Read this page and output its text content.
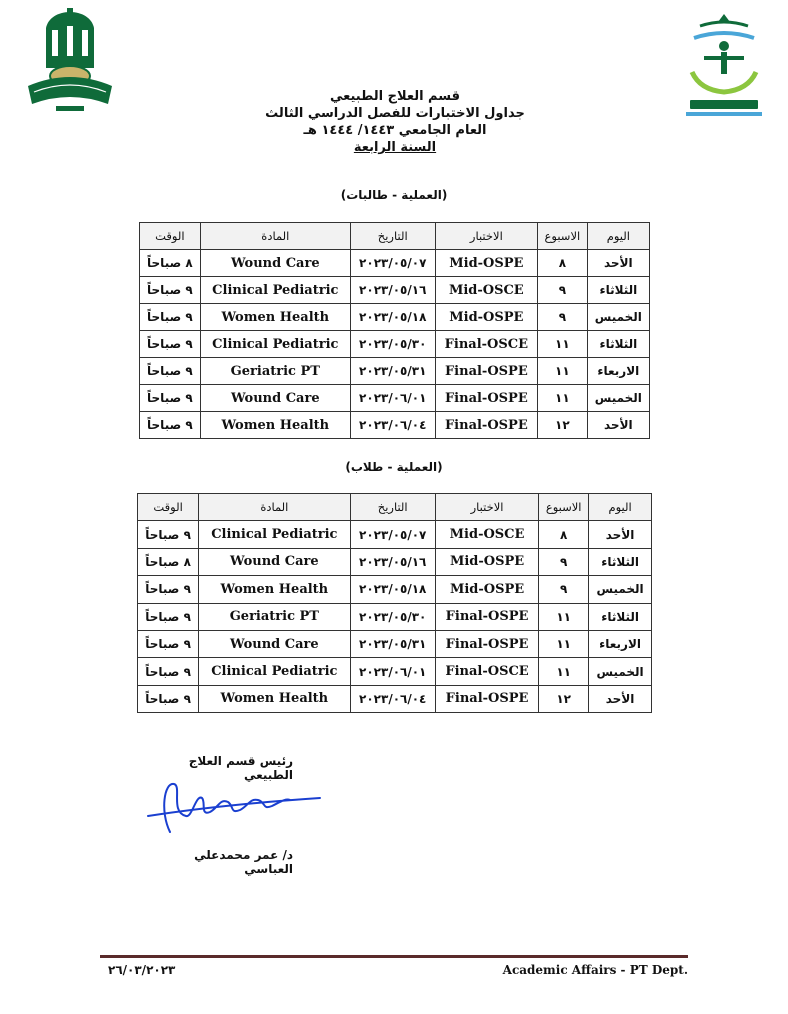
قسم العلاج الطبيعي
جداول الاختبارات للفصل الدراسي الثالث
العام الجامعي ١٤٤٣/ ١٤٤٤ هـ
السنة الرابعة
(العملية - طالبات)
اليوم	الاسبوع	الاختبار	التاريخ	المادة	الوقت
الأحد	٨	Mid-OSPE	٢٠٢٣/٠٥/٠٧	Wound Care	٨ صباحاً
الثلاثاء	٩	Mid-OSCE	٢٠٢٣/٠٥/١٦	Clinical Pediatric	٩ صباحاً
الخميس	٩	Mid-OSPE	٢٠٢٣/٠٥/١٨	Women Health	٩ صباحاً
الثلاثاء	١١	Final-OSCE	٢٠٢٣/٠٥/٣٠	Clinical Pediatric	٩ صباحاً
الاربعاء	١١	Final-OSPE	٢٠٢٣/٠٥/٣١	Geriatric PT	٩ صباحاً
الخميس	١١	Final-OSPE	٢٠٢٣/٠٦/٠١	Wound Care	٩ صباحاً
الأحد	١٢	Final-OSPE	٢٠٢٣/٠٦/٠٤	Women Health	٩ صباحاً
(العملية - طلاب)
اليوم	الاسبوع	الاختبار	التاريخ	المادة	الوقت
الأحد	٨	Mid-OSCE	٢٠٢٣/٠٥/٠٧	Clinical Pediatric	٩ صباحاً
الثلاثاء	٩	Mid-OSPE	٢٠٢٣/٠٥/١٦	Wound Care	٨ صباحاً
الخميس	٩	Mid-OSPE	٢٠٢٣/٠٥/١٨	Women Health	٩ صباحاً
الثلاثاء	١١	Final-OSPE	٢٠٢٣/٠٥/٣٠	Geriatric PT	٩ صباحاً
الاربعاء	١١	Final-OSPE	٢٠٢٣/٠٥/٣١	Wound Care	٩ صباحاً
الخميس	١١	Final-OSCE	٢٠٢٣/٠٦/٠١	Clinical Pediatric	٩ صباحاً
الأحد	١٢	Final-OSPE	٢٠٢٣/٠٦/٠٤	Women Health	٩ صباحاً
رئيس قسم العلاج الطبيعي
د/ عمر محمدعلي العباسي
٢٦/٠٣/٢٠٢٣	Academic Affairs - PT Dept.
